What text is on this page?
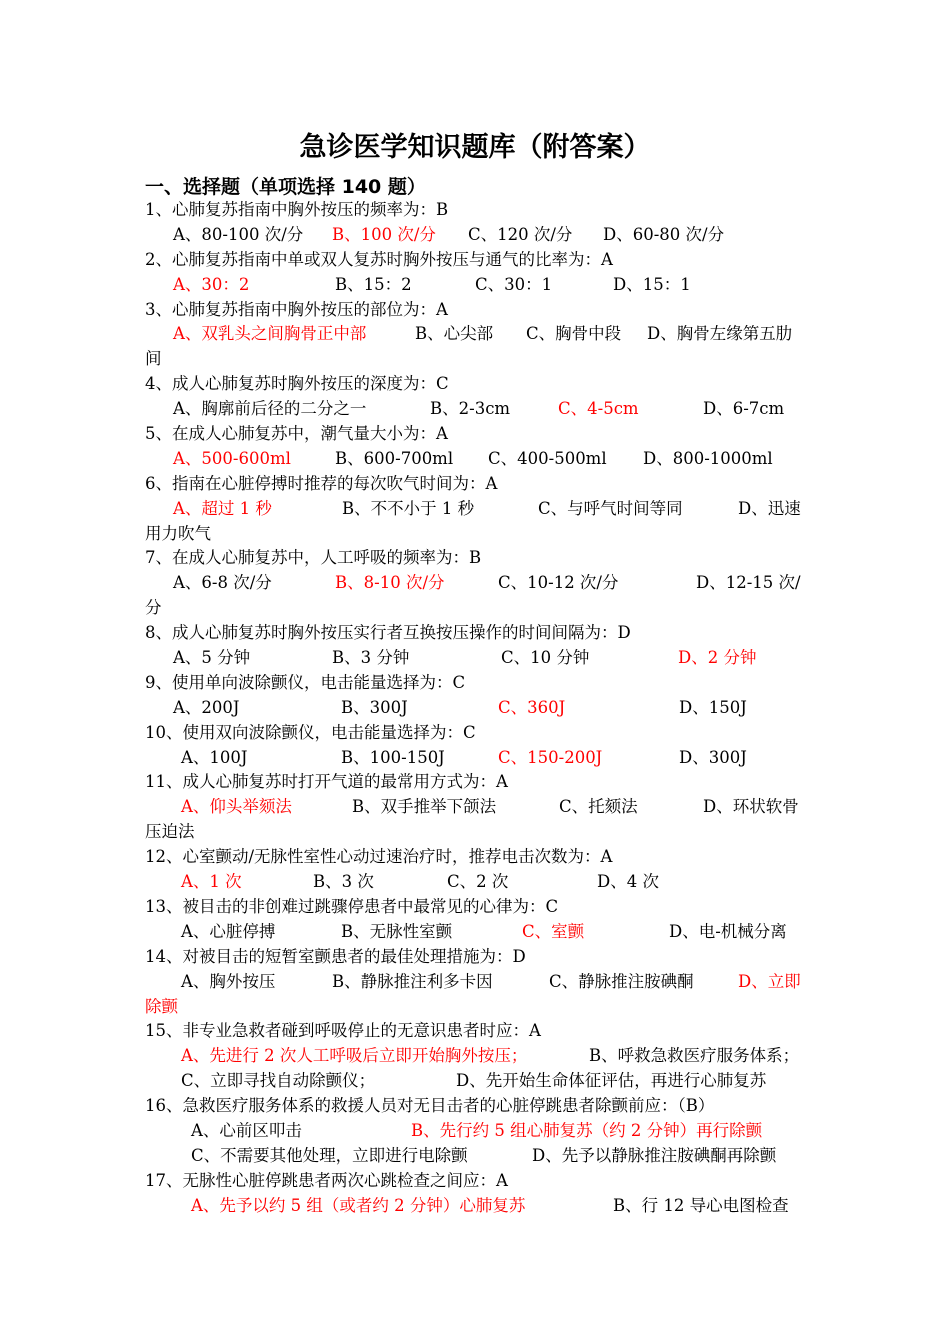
急诊医学知识题库（附答案）
一、选择题（单项选择 140 题）
1、心肺复苏指南中胸外按压的频率为：B
A、80-100 次/分 B、100 次/分 C、120 次/分 D、60-80 次/分
2、心肺复苏指南中单或双人复苏时胸外按压与通气的比率为：A
A、30：2	B、15：2	C、30：1	D、15：1
3、心肺复苏指南中胸外按压的部位为：A
A、双乳头之间胸骨正中部	B、心尖部 C、胸骨中段 D、胸骨左缘第五肋
间
4、成人心肺复苏时胸外按压的深度为：C
A、胸廓前后径的二分之一	B、2-3cm	C、4-5cm	D、6-7cm
5、在成人心肺复苏中，潮气量大小为：A
A、500-600ml	B、600-700ml C、400-500ml D、800-1000ml
6、指南在心脏停搏时推荐的每次吹气时间为：A
A、超过 1 秒	B、不不小于 1 秒	C、与呼气时间等同	D、迅速
用力吹气
7、在成人心肺复苏中，人工呼吸的频率为：B
A、6-8 次/分	B、8-10 次/分	C、10-12 次/分	D、12-15 次/
分
8、成人心肺复苏时胸外按压实行者互换按压操作的时间间隔为：D
A、5 分钟	B、3 分钟	C、10 分钟	D、2 分钟
9、使用单向波除颤仪，电击能量选择为：C
A、200J	B、300J	C、360J	D、150J
10、使用双向波除颤仪，电击能量选择为：C
A、100J	B、100-150J	C、150-200J	D、300J
11、成人心肺复苏时打开气道的最常用方式为：A
A、仰头举颏法	B、双手推举下颌法	C、托颏法	D、环状软骨
压迫法
12、心室颤动/无脉性室性心动过速治疗时，推荐电击次数为：A
A、1 次	B、3 次	C、2 次	D、4 次
13、被目击的非创难过跳骤停患者中最常见的心律为：C
A、心脏停搏	B、无脉性室颤	C、室颤	D、电-机械分离
14、对被目击的短暂室颤患者的最佳处理措施为：D
A、胸外按压	B、静脉推注利多卡因	C、静脉推注胺碘酮	D、立即
除颤
15、非专业急救者碰到呼吸停止的无意识患者时应：A
A、先进行 2 次人工呼吸后立即开始胸外按压；	B、呼救急救医疗服务体系；
C、立即寻找自动除颤仪；	D、先开始生命体征评估，再进行心肺复苏
16、急救医疗服务体系的救援人员对无目击者的心脏停跳患者除颤前应：（B）
A、心前区叩击	B、先行约 5 组心肺复苏（约 2 分钟）再行除颤
C、不需要其他处理，立即进行电除颤	D、先予以静脉推注胺碘酮再除颤
17、无脉性心脏停跳患者两次心跳检查之间应：A
A、先予以约 5 组（或者约 2 分钟）心肺复苏	B、行 12 导心电图检查
